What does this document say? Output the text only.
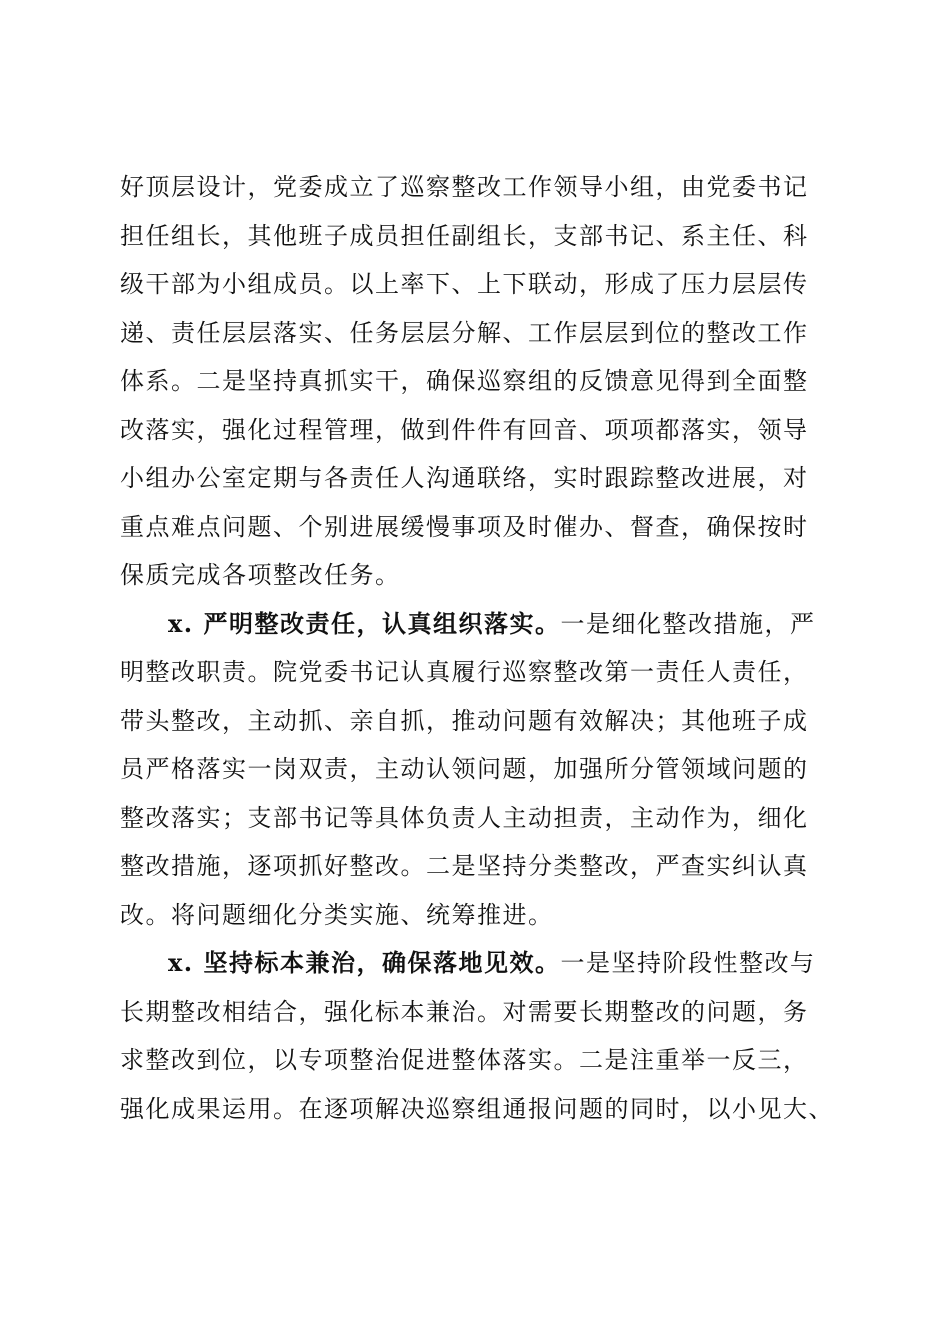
好顶层设计，党委成立了巡察整改工作领导小组，由党委书记
担任组长，其他班子成员担任副组长，支部书记、系主任、科
级干部为小组成员。以上率下、上下联动，形成了压力层层传
递、责任层层落实、任务层层分解、工作层层到位的整改工作
体系。二是坚持真抓实干，确保巡察组的反馈意见得到全面整
改落实，强化过程管理，做到件件有回音、项项都落实，领导
小组办公室定期与各责任人沟通联络，实时跟踪整改进展，对
重点难点问题、个别进展缓慢事项及时催办、督查，确保按时
保质完成各项整改任务。
x. 严明整改责任，认真组织落实。一是细化整改措施，严
明整改职责。院党委书记认真履行巡察整改第一责任人责任，
带头整改，主动抓、亲自抓，推动问题有效解决；其他班子成
员严格落实一岗双责，主动认领问题，加强所分管领域问题的
整改落实；支部书记等具体负责人主动担责，主动作为，细化
整改措施，逐项抓好整改。二是坚持分类整改，严查实纠认真
改。将问题细化分类实施、统筹推进。
x. 坚持标本兼治，确保落地见效。一是坚持阶段性整改与
长期整改相结合，强化标本兼治。对需要长期整改的问题，务
求整改到位，以专项整治促进整体落实。二是注重举一反三，
强化成果运用。在逐项解决巡察组通报问题的同时，以小见大、
